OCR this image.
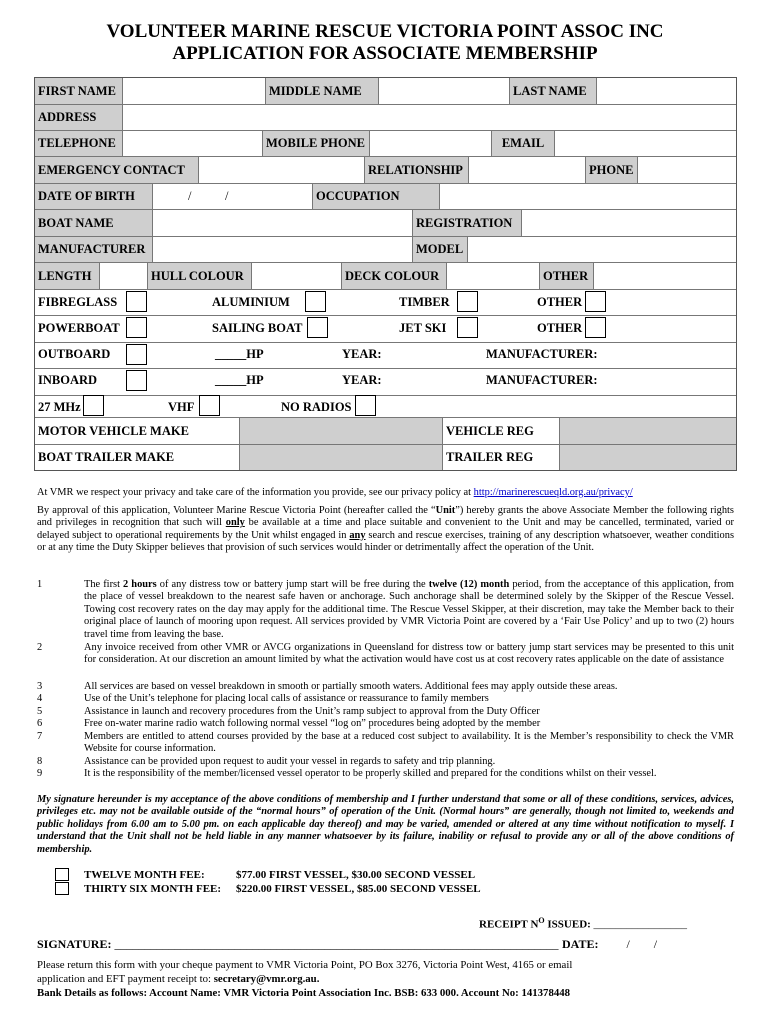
VOLUNTEER MARINE RESCUE VICTORIA POINT ASSOC INC
APPLICATION FOR ASSOCIATE MEMBERSHIP
FIRST NAME	MIDDLE NAME	LAST NAME
ADDRESS
TELEPHONE	MOBILE PHONE	EMAIL
EMERGENCY CONTACT	RELATIONSHIP	PHONE
DATE OF BIRTH	/	/	OCCUPATION
BOAT NAME	REGISTRATION
MANUFACTURER	MODEL
LENGTH	HULL COLOUR	DECK COLOUR	OTHER
MOTOR VEHICLE MAKE	VEHICLE REG
BOAT TRAILER MAKE	TRAILER REG
FIBREGLASS	ALUMINIUM	TIMBER	OTHER
POWERBOAT	SAILING BOAT	JET SKI	OTHER
OUTBOARD	_____HP	YEAR:	MANUFACTURER:
INBOARD	_____HP	YEAR:	MANUFACTURER:
27 MHz	VHF	NO RADIOS
At VMR we respect your privacy and take care of the information you provide, see our privacy policy at http://marinerescueqld.org.au/privacy/
By approval of this application, Volunteer Marine Rescue Victoria Point (hereafter called the “Unit”) hereby grants the above Associate Member the following rights and privileges in recognition that such will only be available at a time and place suitable and convenient to the Unit and may be cancelled, terminated, varied or delayed subject to operational requirements by the Unit whilst engaged in any search and rescue exercises, training of any description whatsoever, weather conditions or at any time the Duty Skipper believes that provision of such services would hinder or detrimentally affect the operation of the Unit.
1	The first 2 hours of any distress tow or battery jump start will be free during the twelve (12) month period, from the acceptance of this application, from the place of vessel breakdown to the nearest safe haven or anchorage. Such anchorage shall be determined solely by the Skipper of the Rescue Vessel. Towing cost recovery rates on the day may apply for the additional time. The Rescue Vessel Skipper, at their discretion, may take the Member back to their original place of launch of mooring upon request. All services provided by VMR Victoria Point are covered by a ‘Fair Use Policy’ and up to two (2) hours travel time from leaving the base.
2	Any invoice received from other VMR or AVCG organizations in Queensland for distress tow or battery jump start services may be presented to this unit for consideration. At our discretion an amount limited by what the activation would have cost us at cost recovery rates applicable on the date of assistance
3	All services are based on vessel breakdown in smooth or partially smooth waters. Additional fees may apply outside these areas.
4	Use of the Unit’s telephone for placing local calls of assistance or reassurance to family members
5	Assistance in launch and recovery procedures from the Unit’s ramp subject to approval from the Duty Officer
6	Free on-water marine radio watch following normal vessel “log on” procedures being adopted by the member
7	Members are entitled to attend courses provided by the base at a reduced cost subject to availability. It is the Member’s responsibility to check the VMR Website for course information.
8	Assistance can be provided upon request to audit your vessel in regards to safety and trip planning.
9	It is the responsibility of the member/licensed vessel operator to be properly skilled and prepared for the conditions whilst on their vessel.
My signature hereunder is my acceptance of the above conditions of membership and I further understand that some or all of these conditions, services, advices, privileges etc. may not be available outside of the “normal hours” of operation of the Unit. (Normal hours” are generally, though not limited to, weekends and public holidays from 6.00 am to 5.00 pm. on each applicable day thereof) and may be varied, amended or altered at any time without notification to myself. I understand that the Unit shall not be held liable in any manner whatsoever by its failure, inability or refusal to provide any or all of the above conditions of membership.
TWELVE MONTH FEE:	$77.00 FIRST VESSEL, $30.00 SECOND VESSEL
THIRTY SIX MONTH FEE: $220.00 FIRST VESSEL, $85.00 SECOND VESSEL
RECEIPT $N^O$ ISSUED: _________________
SIGNATURE: __________________________________________________________________________ DATE: /        /
Please return this form with your cheque payment to VMR Victoria Point, PO Box 3276, Victoria Point West, 4165 or email
application and EFT payment receipt to: secretary@vmr.org.au.
Bank Details as follows: Account Name: VMR Victoria Point Association Inc. BSB: 633 000. Account No: 141378448
